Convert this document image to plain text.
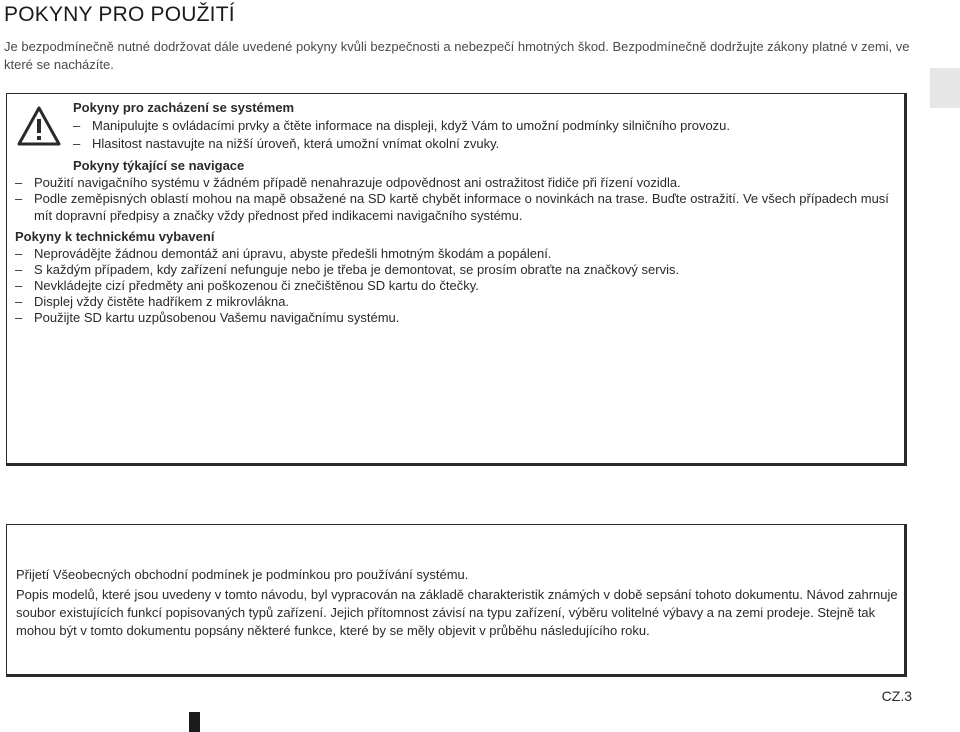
POKYNY PRO POUŽITÍ

Je bezpodmínečně nutné dodržovat dále uvedené pokyny kvůli bezpečnosti a nebezpečí hmotných škod. Bezpodmínečně dodržujte zákony platné v zemi, ve které se nacházíte.

Pokyny pro zacházení se systémem
– Manipulujte s ovládacími prvky a čtěte informace na displeji, když Vám to umožní podmínky silničního provozu.
– Hlasitost nastavujte na nižší úroveň, která umožní vnímat okolní zvuky.
Pokyny týkající se navigace
– Použití navigačního systému v žádném případě nenahrazuje odpovědnost ani ostražitost řidiče při řízení vozidla.
– Podle zeměpisných oblastí mohou na mapě obsažené na SD kartě chybět informace o novinkách na trase. Buďte ostražití. Ve všech případech musí mít dopravní předpisy a značky vždy přednost před indikacemi navigačního systému.
Pokyny k technickému vybavení
– Neprovádějte žádnou demontáž ani úpravu, abyste předešli hmotným škodám a popálení.
– S každým případem, kdy zařízení nefunguje nebo je třeba je demontovat, se prosím obraťte na značkový servis.
– Nevkládejte cizí předměty ani poškozenou či znečištěnou SD kartu do čtečky.
– Displej vždy čistěte hadříkem z mikrovlákna.
– Použijte SD kartu uzpůsobenou Vašemu navigačnímu systému.

Přijetí Všeobecných obchodní podmínek je podmínkou pro používání systému.

Popis modelů, které jsou uvedeny v tomto návodu, byl vypracován na základě charakteristik známých v době sepsání tohoto dokumentu. Návod zahrnuje soubor existujících funkcí popisovaných typů zařízení. Jejich přítomnost závisí na typu zařízení, výběru volitelné výbavy a na zemi prodeje. Stejně tak mohou být v tomto dokumentu popsány některé funkce, které by se měly objevit v průběhu následujícího roku.

CZ.3
